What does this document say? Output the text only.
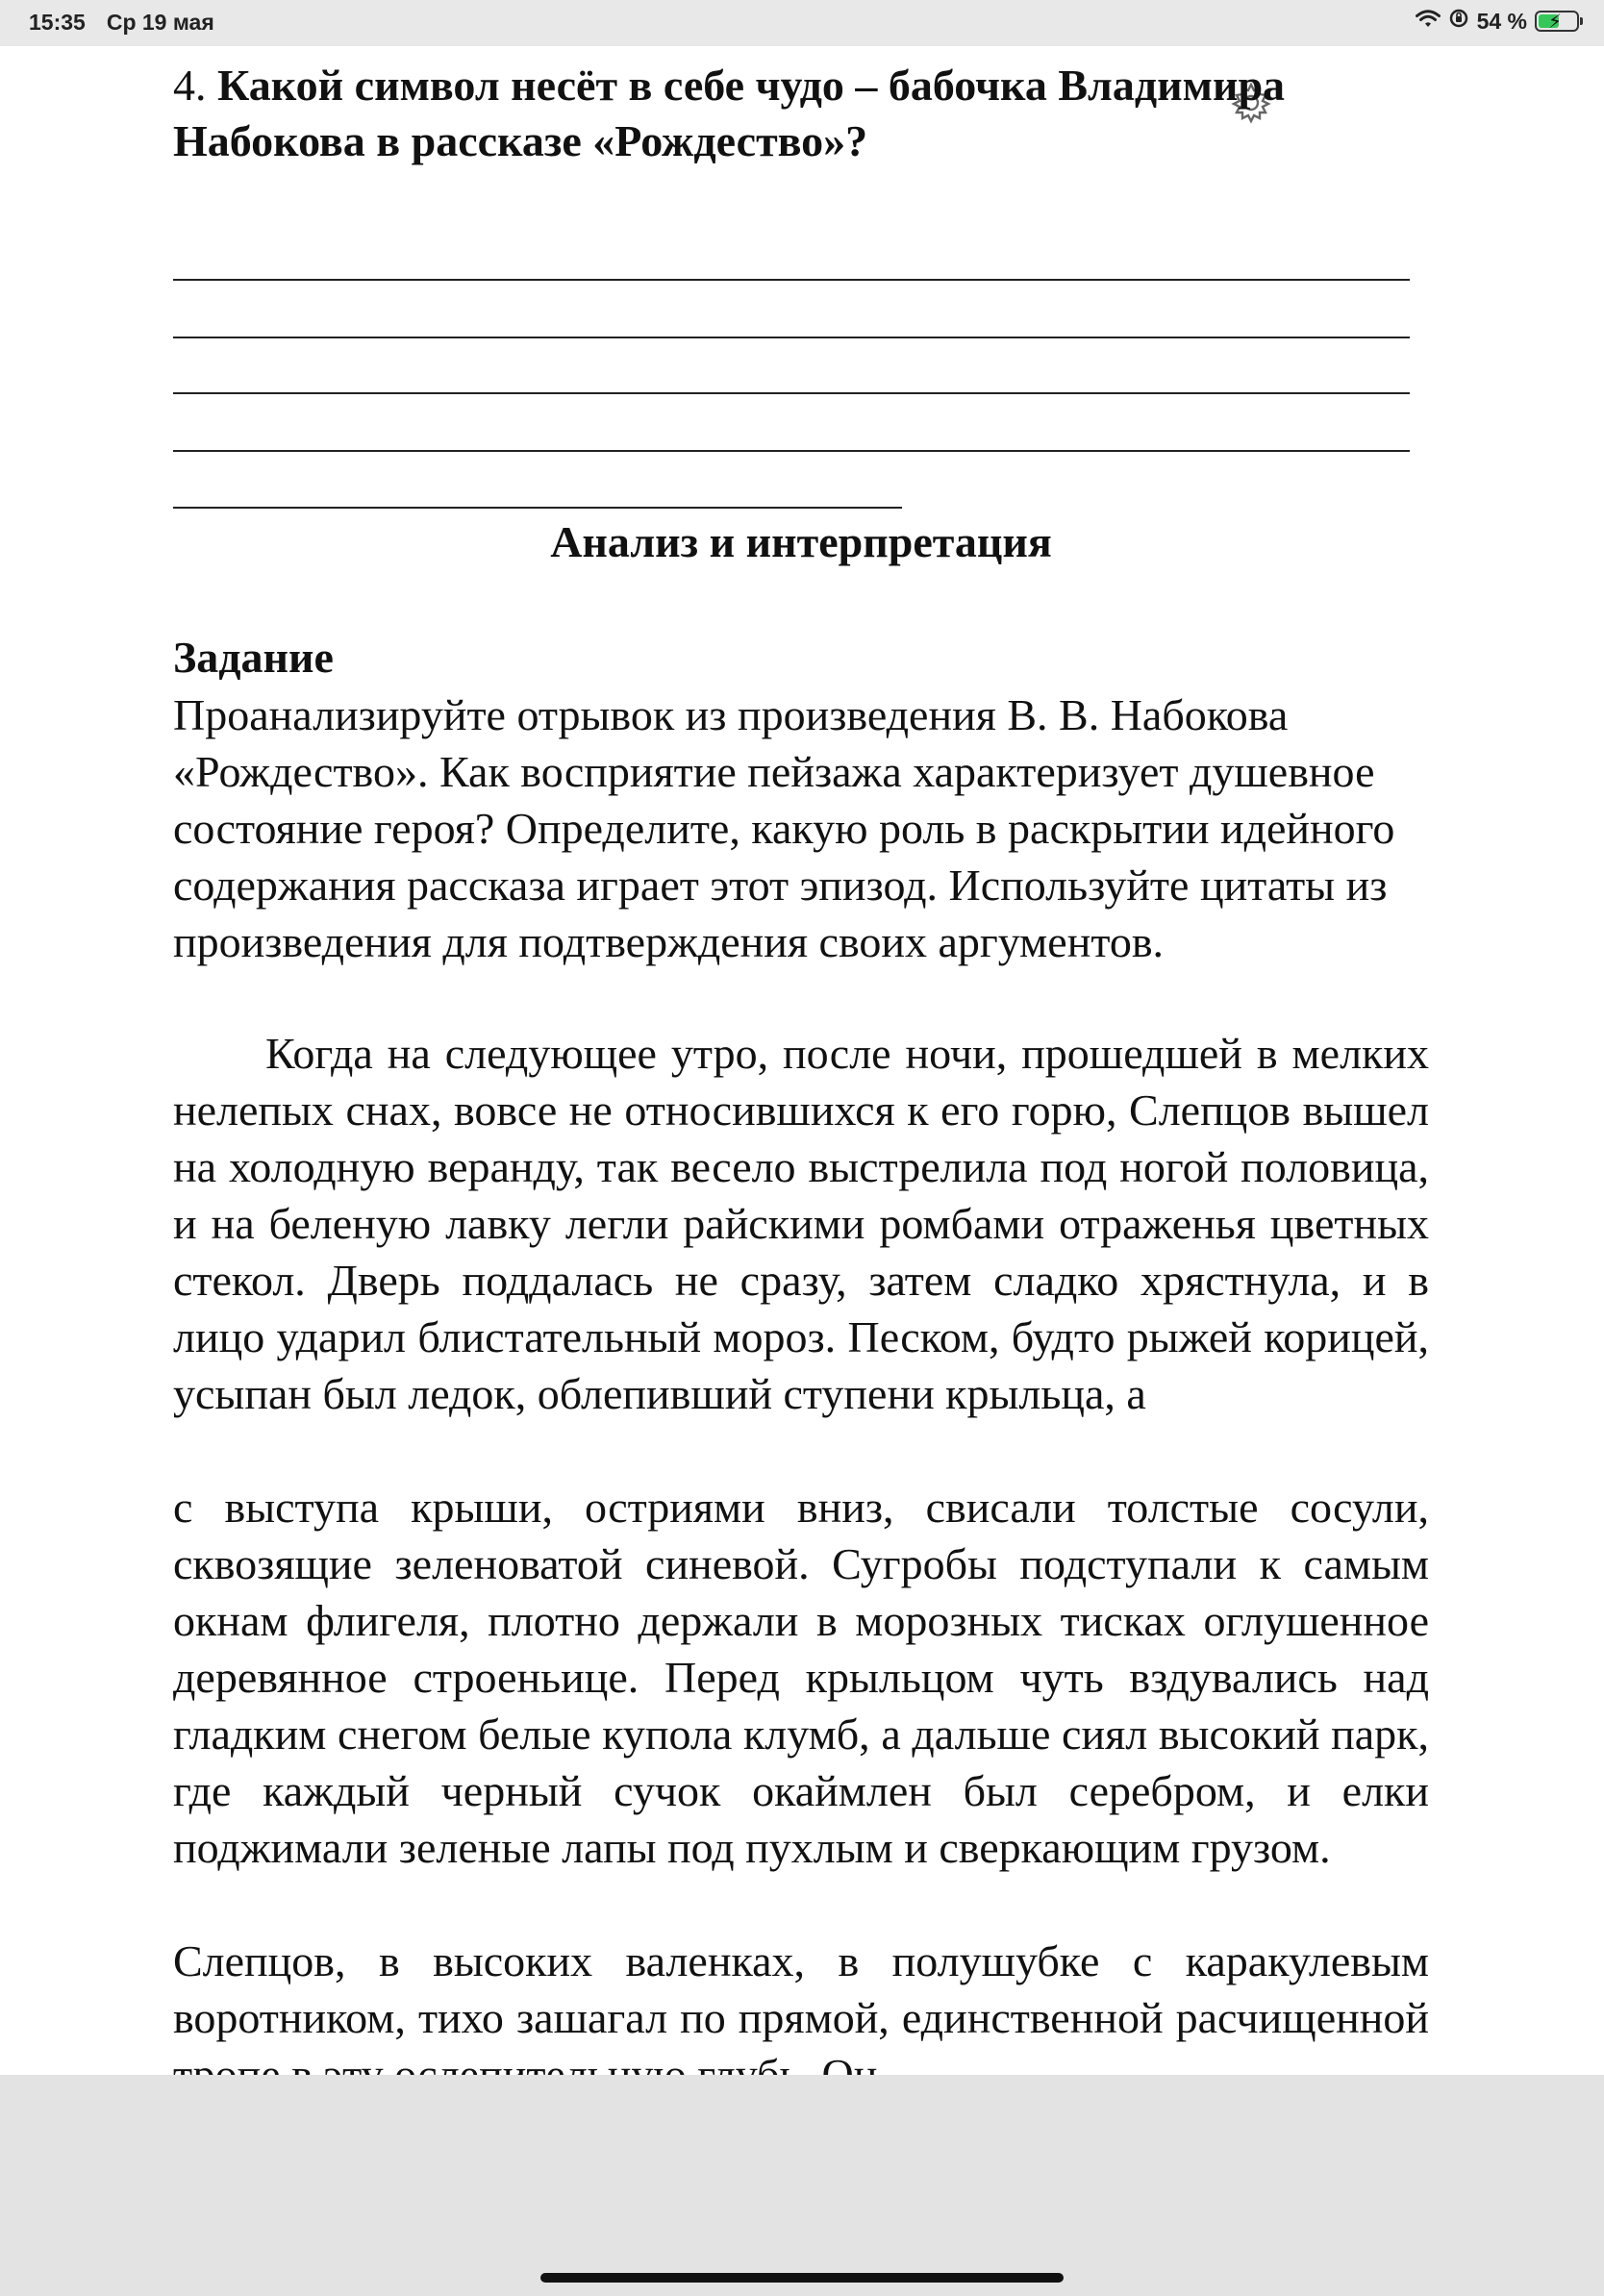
15:35 Ср 19 мая	54 % ⚡

4. Какой символ несёт в себе чудо – бабочка Владимира Набокова в рассказе «Рождество»?

Анализ и интерпретация

Задание

Проанализируйте отрывок из произведения В. В. Набокова «Рождество». Как восприятие пейзажа характеризует душевное состояние героя? Определите, какую роль в раскрытии идейного содержания рассказа играет этот эпизод. Используйте цитаты из произведения для подтверждения своих аргументов.

Когда на следующее утро, после ночи, прошедшей в мелких нелепых снах, вовсе не относившихся к его горю, Слепцов вышел на холодную веранду, так весело выстрелила под ногой половица, и на беленую лавку легли райскими ромбами отраженья цветных стекол. Дверь поддалась не сразу, затем сладко хрястнула, и в лицо ударил блистательный мороз. Песком, будто рыжей корицей, усыпан был ледок, облепивший ступени крыльца, а

с выступа крыши, остриями вниз, свисали толстые сосули, сквозящие зеленоватой синевой. Сугробы подступали к самым окнам флигеля, плотно держали в морозных тисках оглушенное деревянное строеньице. Перед крыльцом чуть вздувались над гладким снегом белые купола клумб, а дальше сиял высокий парк, где каждый черный сучок окаймлен был серебром, и елки поджимали зеленые лапы под пухлым и сверкающим грузом.

Слепцов, в высоких валенках, в полушубке с каракулевым воротником, тихо зашагал по прямой, единственной расчищенной
